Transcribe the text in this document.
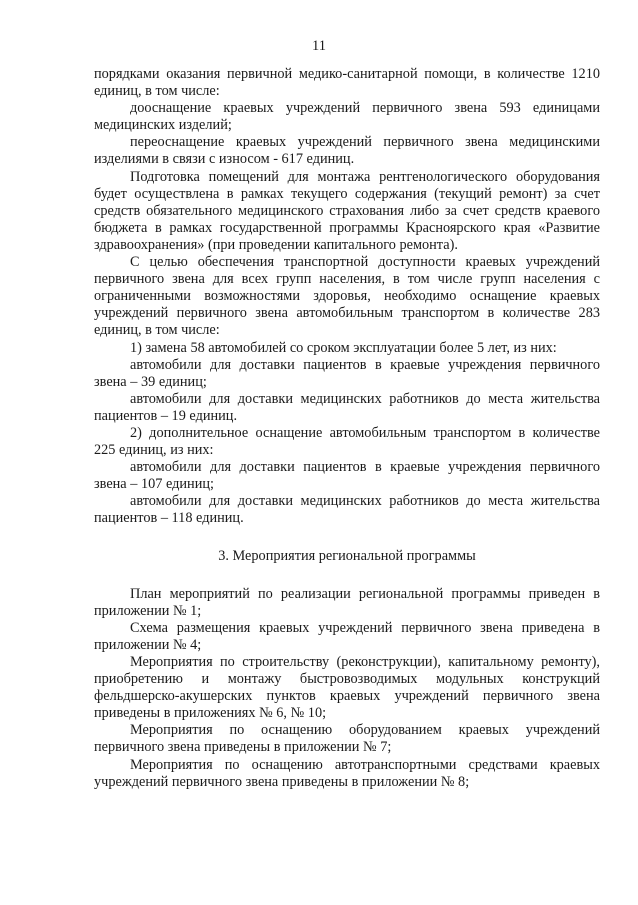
11

порядками оказания первичной медико-санитарной помощи, в количестве 1210 единиц, в том числе:

дооснащение краевых учреждений первичного звена 593 единицами медицинских изделий;

переоснащение краевых учреждений первичного звена медицинскими изделиями в связи с износом - 617 единиц.

Подготовка помещений для монтажа рентгенологического оборудования будет осуществлена в рамках текущего содержания (текущий ремонт) за счет средств обязательного медицинского страхования либо за счет средств краевого бюджета в рамках государственной программы Красноярского края «Развитие здравоохранения» (при проведении капитального ремонта).

С целью обеспечения транспортной доступности краевых учреждений первичного звена для всех групп населения, в том числе групп населения с ограниченными возможностями здоровья, необходимо оснащение краевых учреждений первичного звена автомобильным транспортом в количестве 283 единиц, в том числе:

1) замена 58 автомобилей со сроком эксплуатации более 5 лет, из них:

автомобили для доставки пациентов в краевые учреждения первичного звена – 39 единиц;

автомобили для доставки медицинских работников до места жительства пациентов – 19 единиц.

2) дополнительное оснащение автомобильным транспортом в количестве 225 единиц, из них:

автомобили для доставки пациентов в краевые учреждения первичного звена – 107 единиц;

автомобили для доставки медицинских работников до места жительства пациентов – 118 единиц.

3. Мероприятия региональной программы

План мероприятий по реализации региональной программы приведен в приложении № 1;

Схема размещения краевых учреждений первичного звена приведена в приложении № 4;

Мероприятия по строительству (реконструкции), капитальному ремонту), приобретению и монтажу быстровозводимых модульных конструкций фельдшерско-акушерских пунктов краевых учреждений первичного звена приведены в приложениях № 6, № 10;

Мероприятия по оснащению оборудованием краевых учреждений первичного звена приведены в приложении № 7;

Мероприятия по оснащению автотранспортными средствами краевых учреждений первичного звена приведены в приложении № 8;
